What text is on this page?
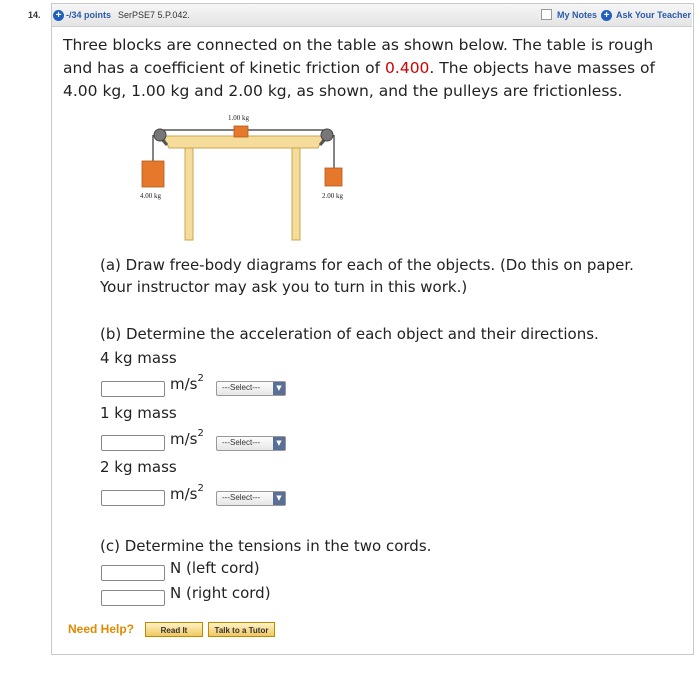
14. + -/34 points SerPSE7 5.P.042.	My Notes + Ask Your Teacher
Three blocks are connected on the table as shown below. The table is rough
and has a coefficient of kinetic friction of 0.400. The objects have masses of
4.00 kg, 1.00 kg and 2.00 kg, as shown, and the pulleys are frictionless.
1.00 kg
4.00 kg	2.00 kg
(a) Draw free-body diagrams for each of the objects. (Do this on paper.
Your instructor may ask you to turn in this work.)
(b) Determine the acceleration of each object and their directions.
4 kg mass
$m/s^2$
---Select---	▼
1 kg mass
$m/s^2$
---Select---	▼
2 kg mass
$m/s^2$
---Select---	▼
(c) Determine the tensions in the two cords.
N (left cord)
N (right cord)
Need Help?	Read It	Talk to a Tutor
